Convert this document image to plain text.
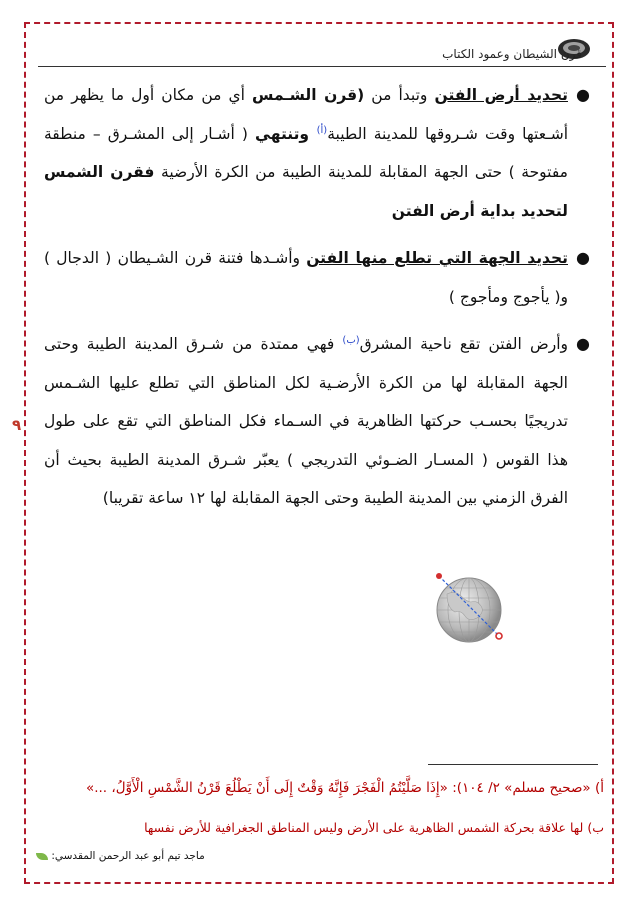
قرن الشيطان وعمود الكتاب
٩
●
تحديد أرض الفتن وتبدأ من (قرن الشـمس أي من مكان أول ما يظهر من أشـعتها وقت شـروقها للمدينة الطيبة$^{(أ)}$ وتنتهي ( أشـار إلى المشـرق – منطقة مفتوحة ) حتى الجهة المقابلة للمدينة الطيبة من الكرة الأرضية فقرن الشمس لتحديد بداية أرض الفتن
●
تحديد الجهة التي تطلع منها الفتن وأشـدها فتنة قرن الشـيطان ( الدجال ) و( يأجوج ومأجوج )
●
وأرض الفتن تقع ناحية المشرق$^{(ب)}$ فهي ممتدة من شـرق المدينة الطيبة وحتى الجهة المقابلة لها من الكرة الأرضـية لكل المناطق التي تطلع عليها الشـمس تدريجيًا بحسـب حركتها الظاهرية في السـماء فكل المناطق التي تقع على طول هذا القوس ( المسـار الضـوئي التدريجي ) يعبّر شـرق المدينة الطيبة بحيث أن الفرق الزمني بين المدينة الطيبة وحتى الجهة المقابلة لها ١٢ ساعة تقريبا)
أ) «صحيح مسلم» ٢/ ١٠٤): «إِذَا صَلَّيْتُمُ الْفَجْرَ فَإِنَّهُ وَقْتٌ إِلَى أَنْ يَطْلُعَ قَرْنُ الشَّمْسِ الْأَوَّلُ، ...»
ب) لها علاقة بحركة الشمس الظاهرية على الأرض وليس المناطق الجغرافية للأرض نفسها
ماجد تيم أبو عبد الرحمن المقدسي:
